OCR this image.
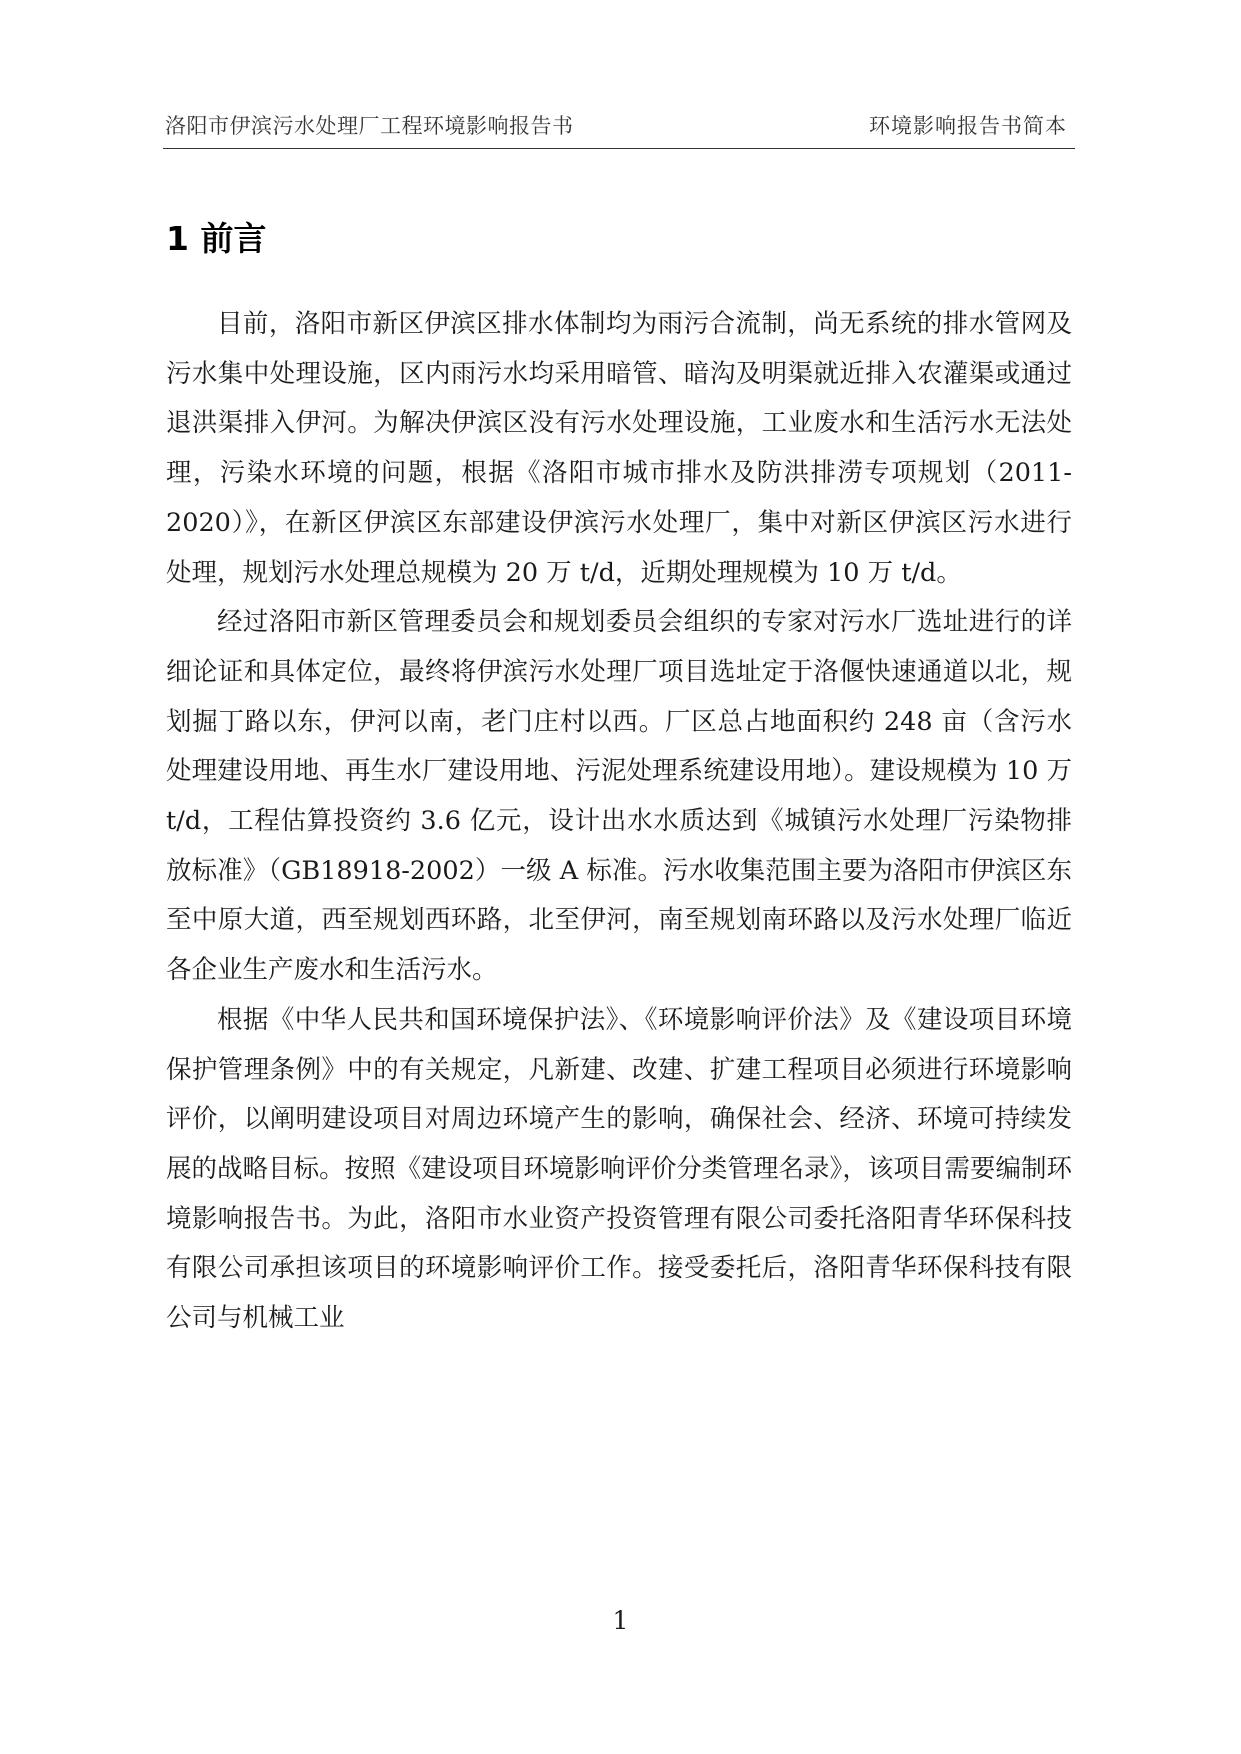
洛阳市伊滨污水处理厂工程环境影响报告书	环境影响报告书简本
1 前言

目前，洛阳市新区伊滨区排水体制均为雨污合流制，尚无系统的排水管网及污水集中处理设施，区内雨污水均采用暗管、暗沟及明渠就近排入农灌渠或通过退洪渠排入伊河。为解决伊滨区没有污水处理设施，工业废水和生活污水无法处理，污染水环境的问题，根据《洛阳市城市排水及防洪排涝专项规划（2011-2020）》，在新区伊滨区东部建设伊滨污水处理厂，集中对新区伊滨区污水进行处理，规划污水处理总规模为 20 万 t/d，近期处理规模为 10 万 t/d。

经过洛阳市新区管理委员会和规划委员会组织的专家对污水厂选址进行的详细论证和具体定位，最终将伊滨污水处理厂项目选址定于洛偃快速通道以北，规划掘丁路以东，伊河以南，老门庄村以西。厂区总占地面积约 248 亩（含污水处理建设用地、再生水厂建设用地、污泥处理系统建设用地）。建设规模为 10 万 t/d，工程估算投资约 3.6 亿元，设计出水水质达到《城镇污水处理厂污染物排放标准》（GB18918-2002）一级 A 标准。污水收集范围主要为洛阳市伊滨区东至中原大道，西至规划西环路，北至伊河，南至规划南环路以及污水处理厂临近各企业生产废水和生活污水。

根据《中华人民共和国环境保护法》、《环境影响评价法》及《建设项目环境保护管理条例》中的有关规定，凡新建、改建、扩建工程项目必须进行环境影响评价，以阐明建设项目对周边环境产生的影响，确保社会、经济、环境可持续发展的战略目标。按照《建设项目环境影响评价分类管理名录》，该项目需要编制环境影响报告书。为此，洛阳市水业资产投资管理有限公司委托洛阳青华环保科技有限公司承担该项目的环境影响评价工作。接受委托后，洛阳青华环保科技有限公司与机械工业

1
